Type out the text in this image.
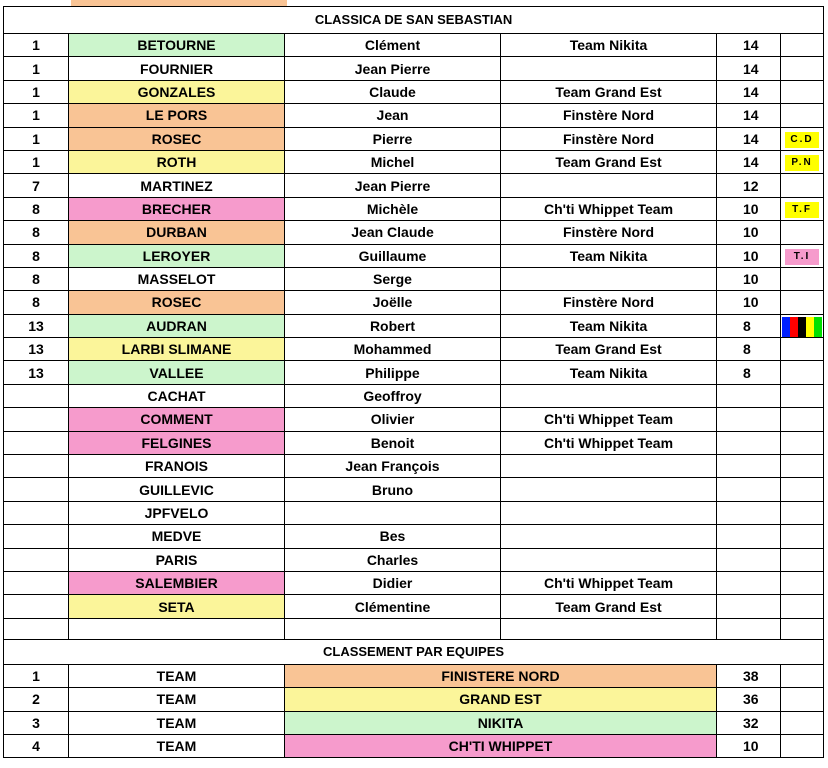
CLASSICA DE SAN SEBASTIAN					
1	BETOURNE	Clément	Team Nikita	14	
1	FOURNIER	Jean Pierre		14	
1	GONZALES	Claude	Team Grand Est	14	
1	LE PORS	Jean	Finstère Nord	14	
1	ROSEC	Pierre	Finstère Nord	14	C.D
1	ROTH	Michel	Team Grand Est	14	P.N
7	MARTINEZ	Jean Pierre		12	
8	BRECHER	Michèle	Ch'ti Whippet Team	10	T.F
8	DURBAN	Jean Claude	Finstère Nord	10	
8	LEROYER	Guillaume	Team Nikita	10	T.I
8	MASSELOT	Serge		10	
8	ROSEC	Joëlle	Finstère Nord	10	
13	AUDRAN	Robert	Team Nikita	8	
13	LARBI SLIMANE	Mohammed	Team Grand Est	8	
13	VALLEE	Philippe	Team Nikita	8	
	CACHAT	Geoffroy			
	COMMENT	Olivier	Ch'ti Whippet Team		
	FELGINES	Benoit	Ch'ti Whippet Team		
	FRANOIS	Jean François			
	GUILLEVIC	Bruno			
	JPFVELO				
	MEDVE	Bes			
	PARIS	Charles			
	SALEMBIER	Didier	Ch'ti Whippet Team		
	SETA	Clémentine	Team Grand Est		

CLASSEMENT PAR EQUIPES					
1	TEAM	FINISTERE NORD		38	
2	TEAM	GRAND EST		36	
3	TEAM	NIKITA		32	
4	TEAM	CH'TI WHIPPET		10	
